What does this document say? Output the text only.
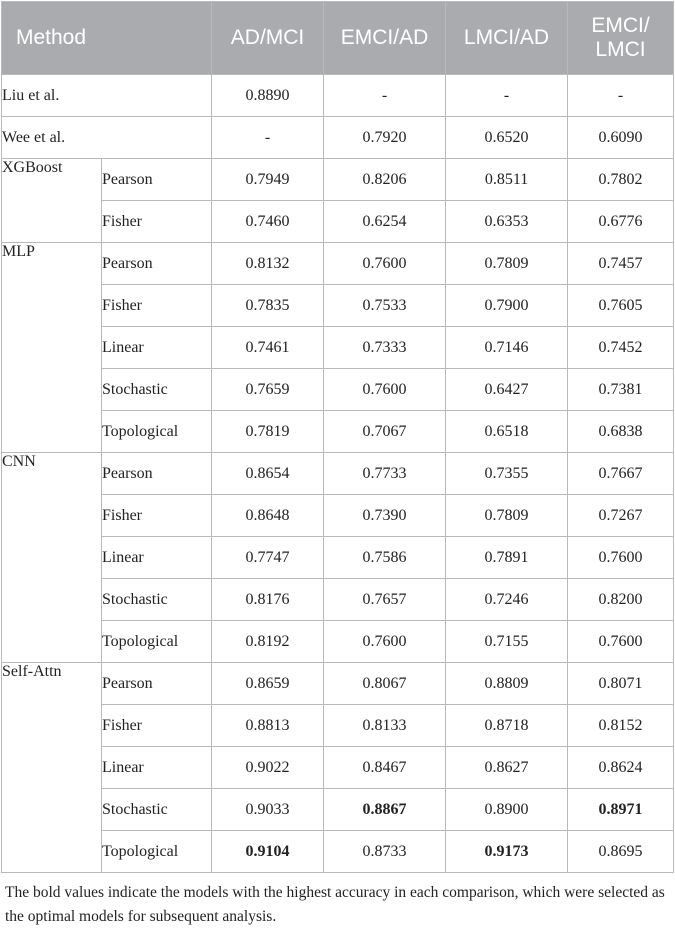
Method		AD/MCI	EMCI/AD	LMCI/AD	EMCI/
LMCI
Liu et al.		0.8890	-	-	-
Wee et al.		-	0.7920	0.6520	0.6090
XGBoost	Pearson	0.7949	0.8206	0.8511	0.7802
	Fisher	0.7460	0.6254	0.6353	0.6776
MLP	Pearson	0.8132	0.7600	0.7809	0.7457
	Fisher	0.7835	0.7533	0.7900	0.7605
	Linear	0.7461	0.7333	0.7146	0.7452
	Stochastic	0.7659	0.7600	0.6427	0.7381
	Topological	0.7819	0.7067	0.6518	0.6838
CNN	Pearson	0.8654	0.7733	0.7355	0.7667
	Fisher	0.8648	0.7390	0.7809	0.7267
	Linear	0.7747	0.7586	0.7891	0.7600
	Stochastic	0.8176	0.7657	0.7246	0.8200
	Topological	0.8192	0.7600	0.7155	0.7600
Self-Attn	Pearson	0.8659	0.8067	0.8809	0.8071
	Fisher	0.8813	0.8133	0.8718	0.8152
	Linear	0.9022	0.8467	0.8627	0.8624
	Stochastic	0.9033	0.8867	0.8900	0.8971
	Topological	0.9104	0.8733	0.9173	0.8695
The bold values indicate the models with the highest accuracy in each comparison, which were selected as the optimal models for subsequent analysis.
